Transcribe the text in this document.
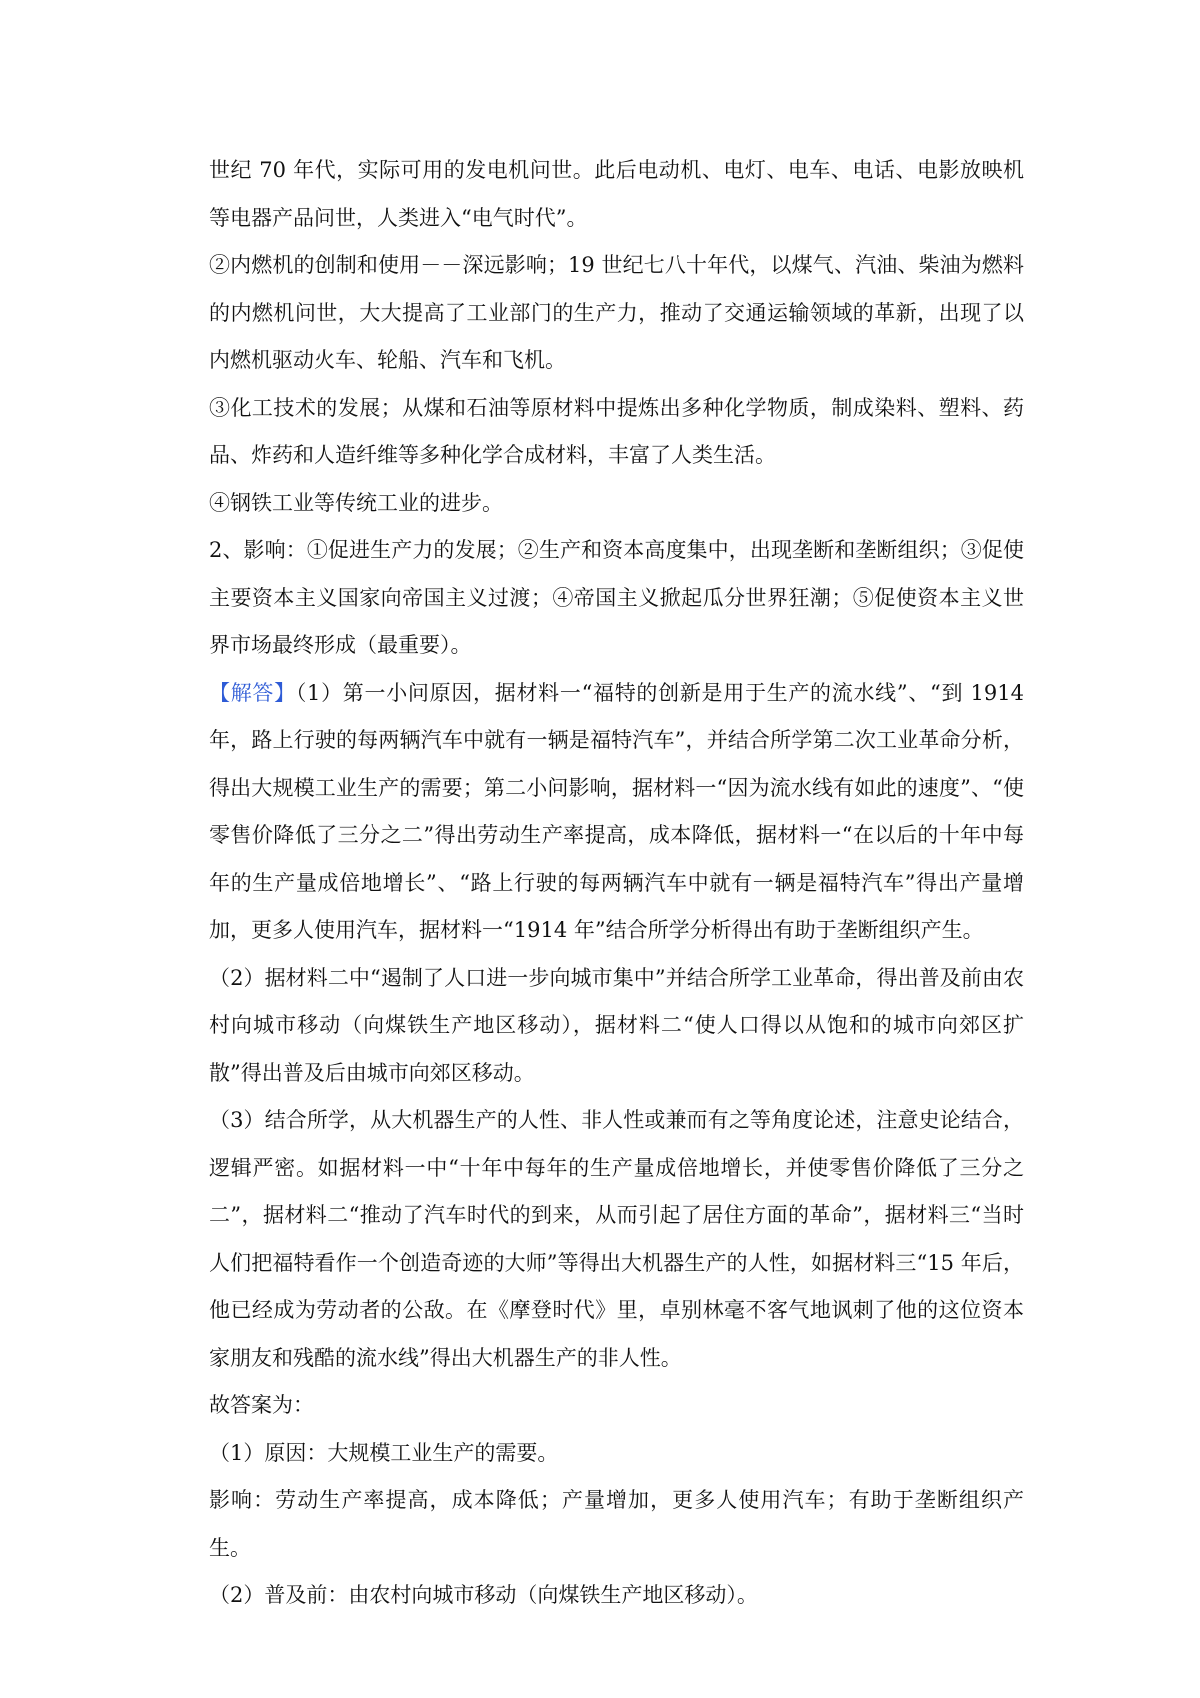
世纪 70 年代，实际可用的发电机问世。此后电动机、电灯、电车、电话、电影放映机等电器产品问世，人类进入“电气时代”。

②内燃机的创制和使用－－深远影响；19 世纪七八十年代，以煤气、汽油、柴油为燃料的内燃机问世，大大提高了工业部门的生产力，推动了交通运输领域的革新，出现了以内燃机驱动火车、轮船、汽车和飞机。

③化工技术的发展；从煤和石油等原材料中提炼出多种化学物质，制成染料、塑料、药品、炸药和人造纤维等多种化学合成材料，丰富了人类生活。

④钢铁工业等传统工业的进步。

2、影响：①促进生产力的发展；②生产和资本高度集中，出现垄断和垄断组织；③促使主要资本主义国家向帝国主义过渡；④帝国主义掀起瓜分世界狂潮；⑤促使资本主义世界市场最终形成（最重要）。

【解答】（1）第一小问原因，据材料一“福特的创新是用于生产的流水线”、“到 1914 年，路上行驶的每两辆汽车中就有一辆是福特汽车”，并结合所学第二次工业革命分析，得出大规模工业生产的需要；第二小问影响，据材料一“因为流水线有如此的速度”、“使零售价降低了三分之二”得出劳动生产率提高，成本降低，据材料一“在以后的十年中每年的生产量成倍地增长”、“路上行驶的每两辆汽车中就有一辆是福特汽车”得出产量增加，更多人使用汽车，据材料一“1914 年”结合所学分析得出有助于垄断组织产生。

（2）据材料二中“遏制了人口进一步向城市集中”并结合所学工业革命，得出普及前由农村向城市移动（向煤铁生产地区移动），据材料二“使人口得以从饱和的城市向郊区扩散”得出普及后由城市向郊区移动。

（3）结合所学，从大机器生产的人性、非人性或兼而有之等角度论述，注意史论结合，逻辑严密。如据材料一中“十年中每年的生产量成倍地增长，并使零售价降低了三分之二”，据材料二“推动了汽车时代的到来，从而引起了居住方面的革命”，据材料三“当时人们把福特看作一个创造奇迹的大师”等得出大机器生产的人性，如据材料三“15 年后，他已经成为劳动者的公敌。在《摩登时代》里，卓别林毫不客气地讽刺了他的这位资本家朋友和残酷的流水线”得出大机器生产的非人性。

故答案为：

（1）原因：大规模工业生产的需要。

影响：劳动生产率提高，成本降低；产量增加，更多人使用汽车；有助于垄断组织产生。

（2）普及前：由农村向城市移动（向煤铁生产地区移动）。
